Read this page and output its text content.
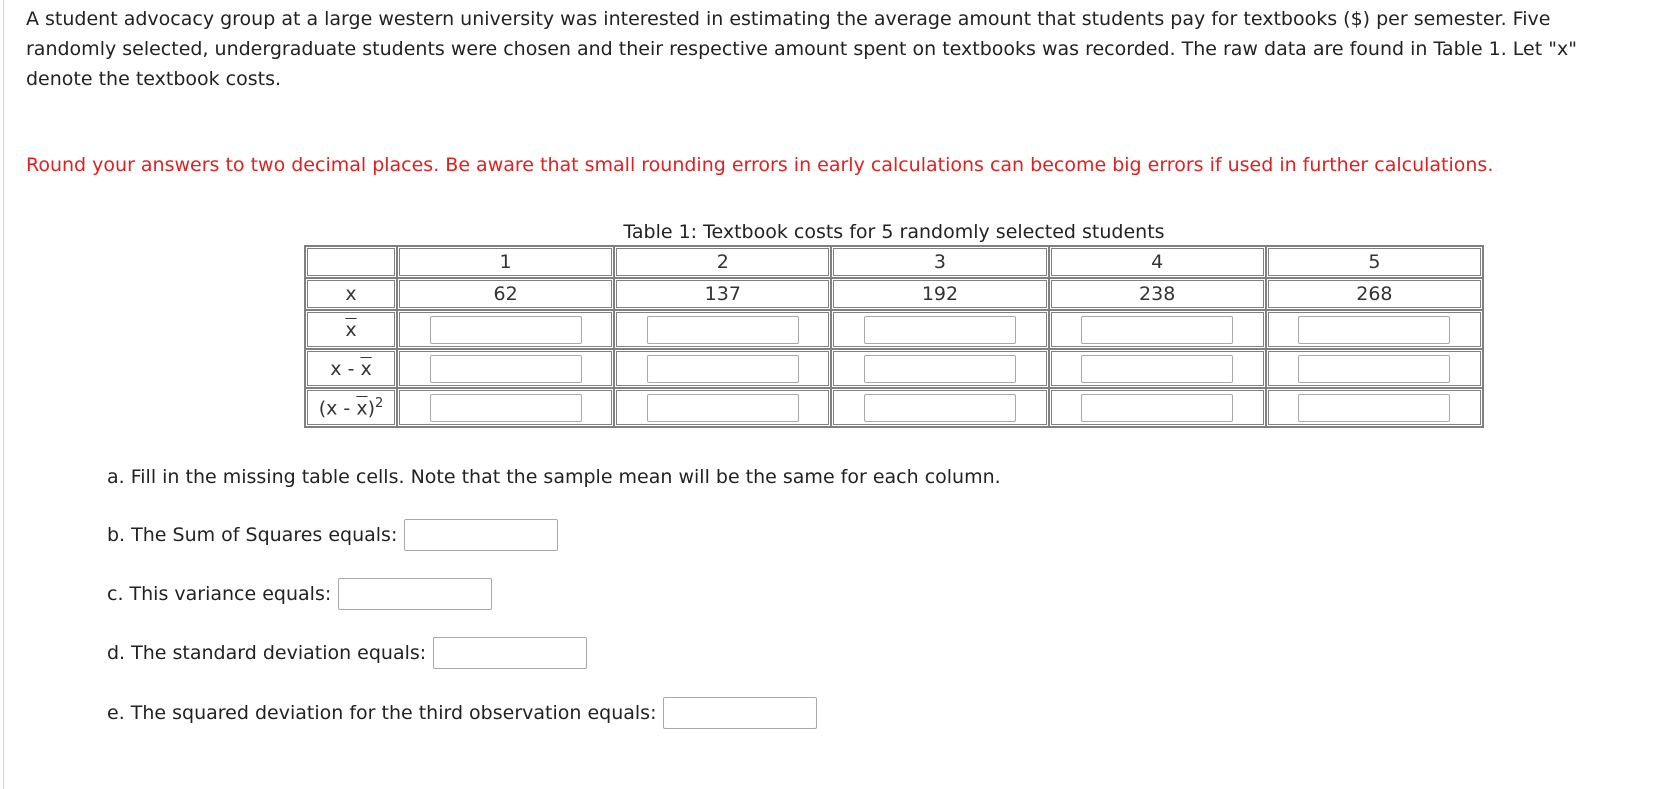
A student advocacy group at a large western university was interested in estimating the average amount that students pay for textbooks ($) per semester. Five randomly selected, undergraduate students were chosen and their respective amount spent on textbooks was recorded. The raw data are found in Table 1. Let "x" denote the textbook costs.

Round your answers to two decimal places. Be aware that small rounding errors in early calculations can become big errors if used in further calculations.

Table 1: Textbook costs for 5 randomly selected students
	1	2	3	4	5
x	62	137	192	238	268
$\overline{x}$					
x - $\overline{x}$					
$(x - \overline{x})^2$					
a. Fill in the missing table cells. Note that the sample mean will be the same for each column.
b. The Sum of Squares equals:
c. This variance equals:
d. The standard deviation equals:
e. The squared deviation for the third observation equals:
